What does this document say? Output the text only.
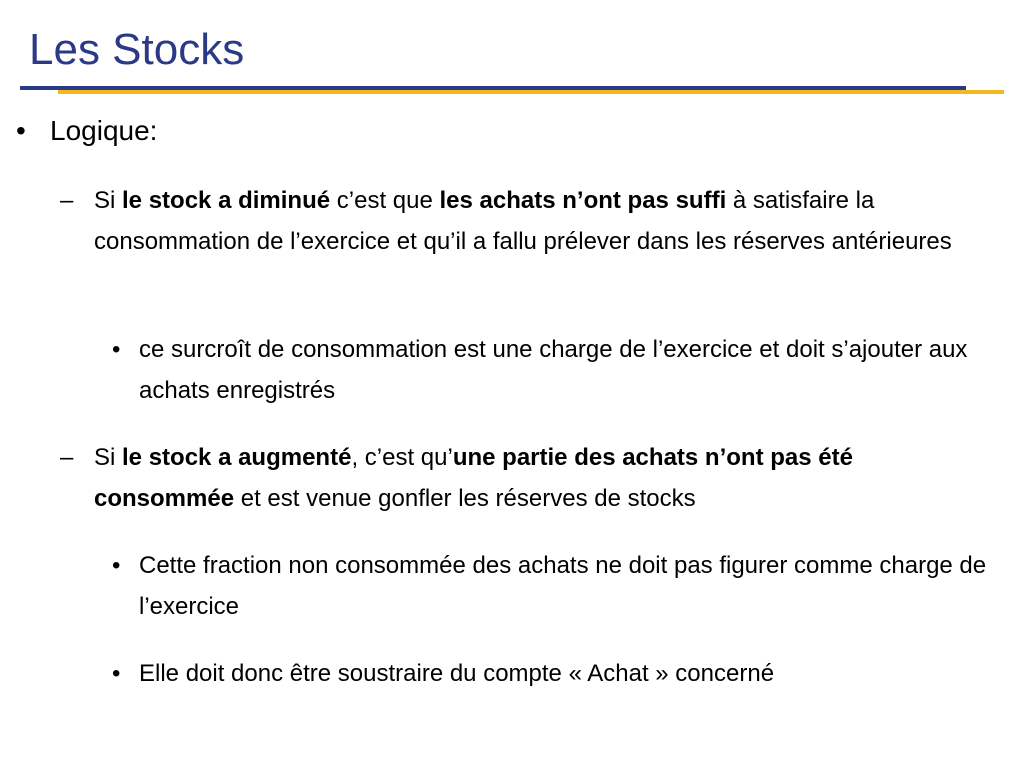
Les Stocks
• Logique:
– Si le stock a diminué c’est que les achats n’ont pas suffi à satisfaire la consommation de l’exercice et qu’il a fallu prélever dans les réserves antérieures
• ce surcroît de consommation est une charge de l’exercice et doit s’ajouter aux achats enregistrés
– Si le stock a augmenté, c’est qu’une partie des achats n’ont pas été consommée et est venue gonfler les réserves de stocks
• Cette fraction non consommée des achats ne doit pas figurer comme charge de l’exercice
• Elle doit donc être soustraire du compte « Achat » concerné
